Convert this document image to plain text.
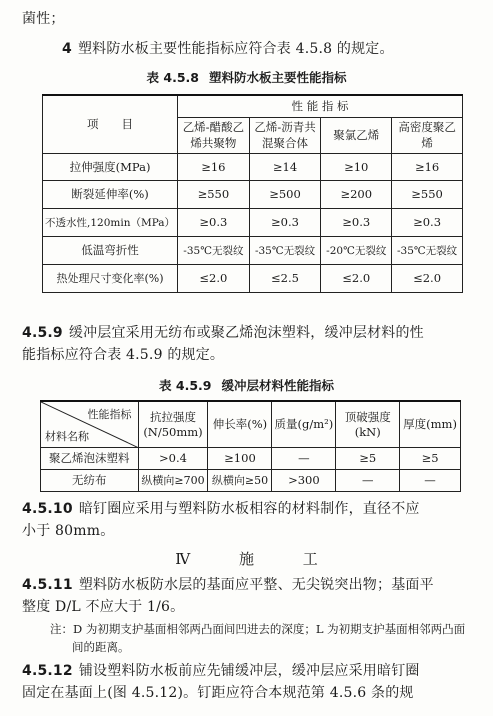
菌性；
4 塑料防水板主要性能指标应符合表 4.5.8 的规定。
表 4.5.8 塑料防水板主要性能指标
项　　目	性 能 指 标			
	乙烯-醋酸乙烯共聚物	乙烯-沥青共混聚合体	聚氯乙烯	高密度聚乙烯
拉伸强度(MPa)	≥16	≥14	≥10	≥16
断裂延伸率(%)	≥550	≥500	≥200	≥550
不透水性,120min（MPa）	≥0.3	≥0.3	≥0.3	≥0.3
低温弯折性	-35℃无裂纹	-35℃无裂纹	-20℃无裂纹	-35℃无裂纹
热处理尺寸变化率(%)	≤2.0	≤2.5	≤2.0	≤2.0
4.5.9 缓冲层宜采用无纺布或聚乙烯泡沫塑料，缓冲层材料的性
能指标应符合表 4.5.9 的规定。
表 4.5.9 缓冲层材料性能指标
性能指标
材料名称	抗拉强度(N/50mm)	伸长率(%)	质量(g/m²)	顶破强度(kN)	厚度(mm)
聚乙烯泡沫塑料	>0.4	≥100	—	≥5	≥5
无纺布	纵横向≥700	纵横向≥50	>300	—	—
4.5.10 暗钉圈应采用与塑料防水板相容的材料制作，直径不应
小于 80mm。
Ⅳ 施 工
4.5.11 塑料防水板防水层的基面应平整、无尖锐突出物；基面平
整度 D/L 不应大于 1/6。
注：D 为初期支护基面相邻两凸面间凹进去的深度；L 为初期支护基面相邻两凸面
间的距离。
4.5.12 铺设塑料防水板前应先铺缓冲层，缓冲层应采用暗钉圈
固定在基面上(图 4.5.12)。钉距应符合本规范第 4.5.6 条的规
